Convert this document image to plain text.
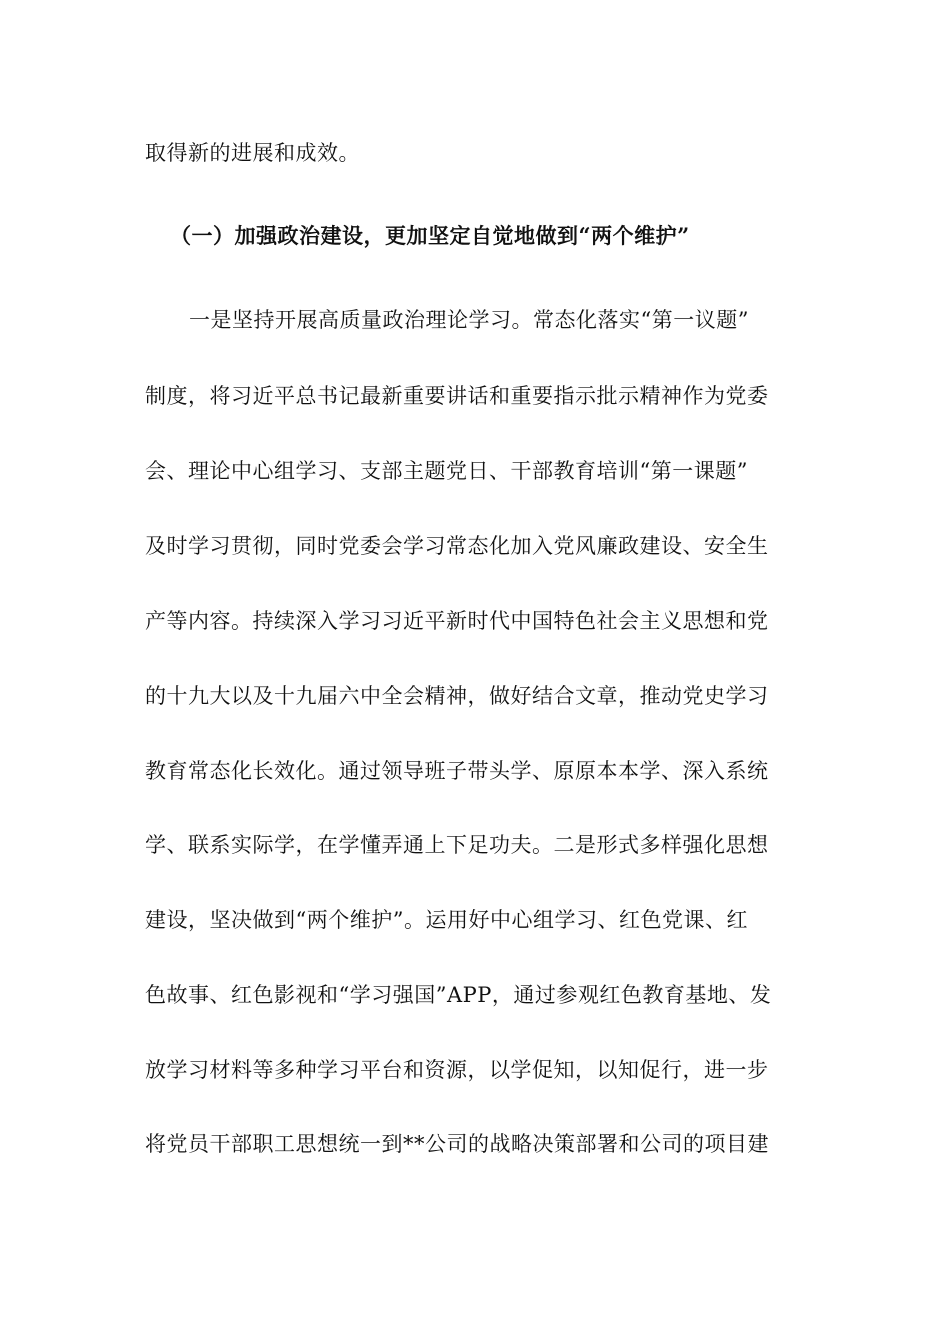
取得新的进展和成效。
（一）加强政治建设，更加坚定自觉地做到“两个维护”
一是坚持开展高质量政治理论学习。常态化落实“第一议题”
制度，将习近平总书记最新重要讲话和重要指示批示精神作为党委
会、理论中心组学习、支部主题党日、干部教育培训“第一课题”
及时学习贯彻，同时党委会学习常态化加入党风廉政建设、安全生
产等内容。持续深入学习习近平新时代中国特色社会主义思想和党
的十九大以及十九届六中全会精神，做好结合文章，推动党史学习
教育常态化长效化。通过领导班子带头学、原原本本学、深入系统
学、联系实际学，在学懂弄通上下足功夫。二是形式多样强化思想
建设，坚决做到“两个维护”。运用好中心组学习、红色党课、红
色故事、红色影视和“学习强国”APP，通过参观红色教育基地、发
放学习材料等多种学习平台和资源，以学促知，以知促行，进一步
将党员干部职工思想统一到**公司的战略决策部署和公司的项目建
